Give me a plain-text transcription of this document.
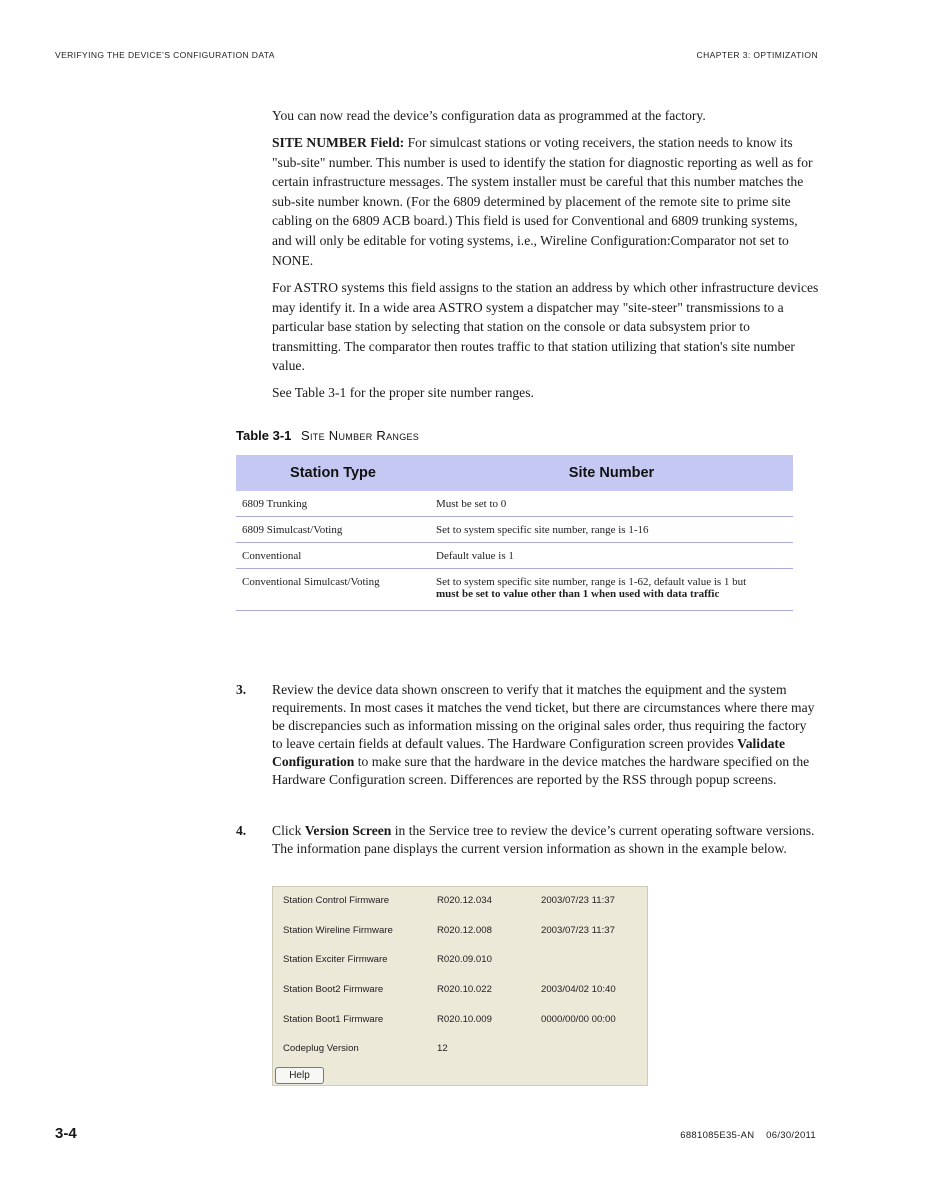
VERIFYING THE DEVICE’S CONFIGURATION DATA	CHAPTER 3: OPTIMIZATION

You can now read the device’s configuration data as programmed at the factory.

SITE NUMBER Field: For simulcast stations or voting receivers, the station needs to know its "sub-site" number. This number is used to identify the station for diagnostic reporting as well as for certain infrastructure messages. The system installer must be careful that this number matches the sub-site number known. (For the 6809 determined by placement of the remote site to prime site cabling on the 6809 ACB board.) This field is used for Conventional and 6809 trunking systems, and will only be editable for voting systems, i.e., Wireline Configuration:Comparator not set to NONE.

For ASTRO systems this field assigns to the station an address by which other infrastructure devices may identify it. In a wide area ASTRO system a dispatcher may "site-steer" transmissions to a particular base station by selecting that station on the console or data subsystem prior to transmitting. The comparator then routes traffic to that station utilizing that station's site number value.

See Table 3-1 for the proper site number ranges.

Table 3-1 Site Number Ranges
Station Type	Site Number
6809 Trunking	Must be set to 0
6809 Simulcast/Voting	Set to system specific site number, range is 1-16
Conventional	Default value is 1
Conventional Simulcast/Voting	Set to system specific site number, range is 1-62, default value is 1 but
must be set to value other than 1 when used with data traffic
3. Review the device data shown onscreen to verify that it matches the equipment and the system requirements. In most cases it matches the vend ticket, but there are circumstances where there may be discrepancies such as information missing on the original sales order, thus requiring the factory to leave certain fields at default values. The Hardware Configuration screen provides Validate Configuration to make sure that the hardware in the device matches the hardware specified on the Hardware Configuration screen. Differences are reported by the RSS through popup screens.
4. Click Version Screen in the Service tree to review the device’s current operating software versions. The information pane displays the current version information as shown in the example below.
Station Control Firmware	R020.12.034	2003/07/23 11:37
Station Wireline Firmware	R020.12.008	2003/07/23 11:37
Station Exciter Firmware	R020.09.010
Station Boot2 Firmware	R020.10.022	2003/04/02 10:40
Station Boot1 Firmware	R020.10.009	0000/00/00 00:00
Codeplug Version	12
Help
3-4	6881085E35-AN    06/30/2011
